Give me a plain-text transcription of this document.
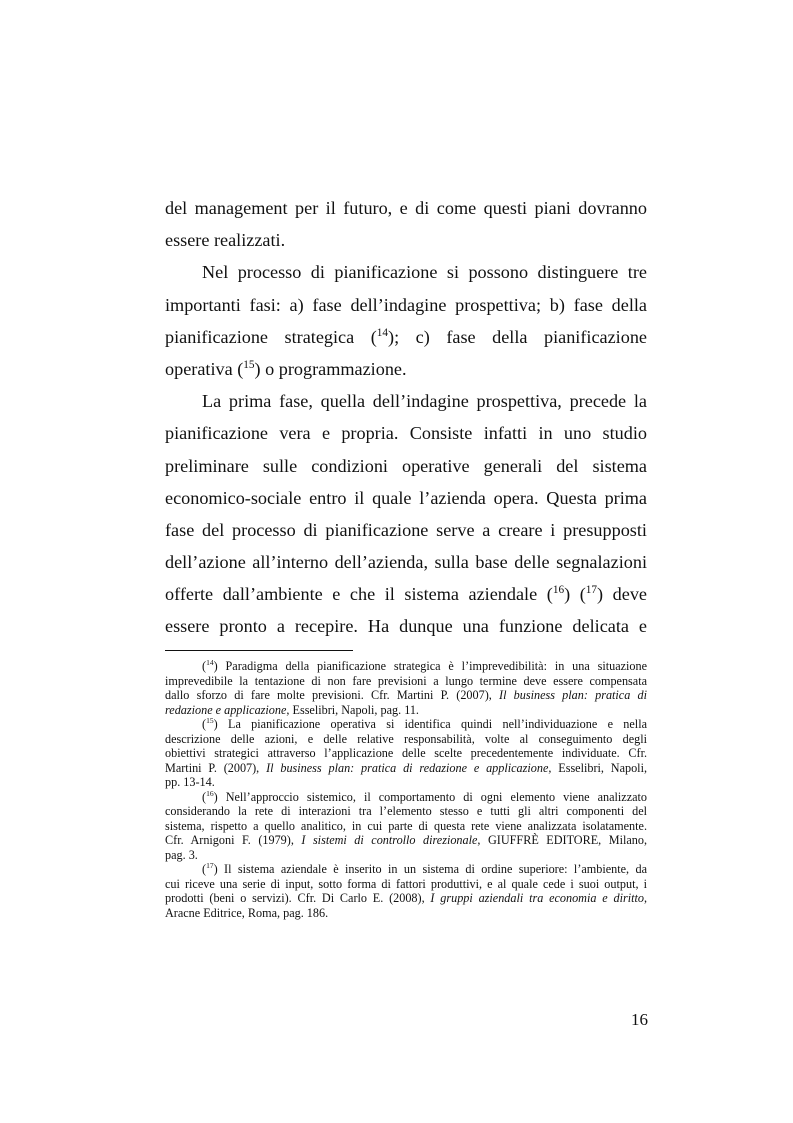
del management per il futuro, e di come questi piani dovranno
essere realizzati.
Nel processo di pianificazione si possono distinguere tre
importanti fasi: a) fase dell’indagine prospettiva; b) fase della
pianificazione strategica ($^{14}$); c) fase della pianificazione
operativa ($^{15}$) o programmazione.
La prima fase, quella dell’indagine prospettiva, precede la
pianificazione vera e propria. Consiste infatti in uno studio
preliminare sulle condizioni operative generali del sistema
economico-sociale entro il quale l’azienda opera. Questa prima
fase del processo di pianificazione serve a creare i presupposti
dell’azione all’interno dell’azienda, sulla base delle segnalazioni
offerte dall’ambiente e che il sistema aziendale ($^{16}$) ($^{17}$) deve
essere pronto a recepire. Ha dunque una funzione delicata e
($^{14}$) Paradigma della pianificazione strategica è l’imprevedibilità: in una situazione
imprevedibile la tentazione di non fare previsioni a lungo termine deve essere compensata
dallo sforzo di fare molte previsioni. Cfr. Martini P. (2007), Il business plan: pratica di
redazione e applicazione, Esselibri, Napoli, pag. 11.
($^{15}$) La pianificazione operativa si identifica quindi nell’individuazione e nella
descrizione delle azioni, e delle relative responsabilità, volte al conseguimento degli
obiettivi strategici attraverso l’applicazione delle scelte precedentemente individuate. Cfr.
Martini P. (2007), Il business plan: pratica di redazione e applicazione, Esselibri, Napoli,
pp. 13-14.
($^{16}$) Nell’approccio sistemico, il comportamento di ogni elemento viene analizzato
considerando la rete di interazioni tra l’elemento stesso e tutti gli altri componenti del
sistema, rispetto a quello analitico, in cui parte di questa rete viene analizzata isolatamente.
Cfr. Arnigoni F. (1979), I sistemi di controllo direzionale, GIUFFRÈ EDITORE, Milano,
pag. 3.
($^{17}$) Il sistema aziendale è inserito in un sistema di ordine superiore: l’ambiente, da
cui riceve una serie di input, sotto forma di fattori produttivi, e al quale cede i suoi output, i
prodotti (beni o servizi). Cfr. Di Carlo E. (2008), I gruppi aziendali tra economia e diritto,
Aracne Editrice, Roma, pag. 186.
16
